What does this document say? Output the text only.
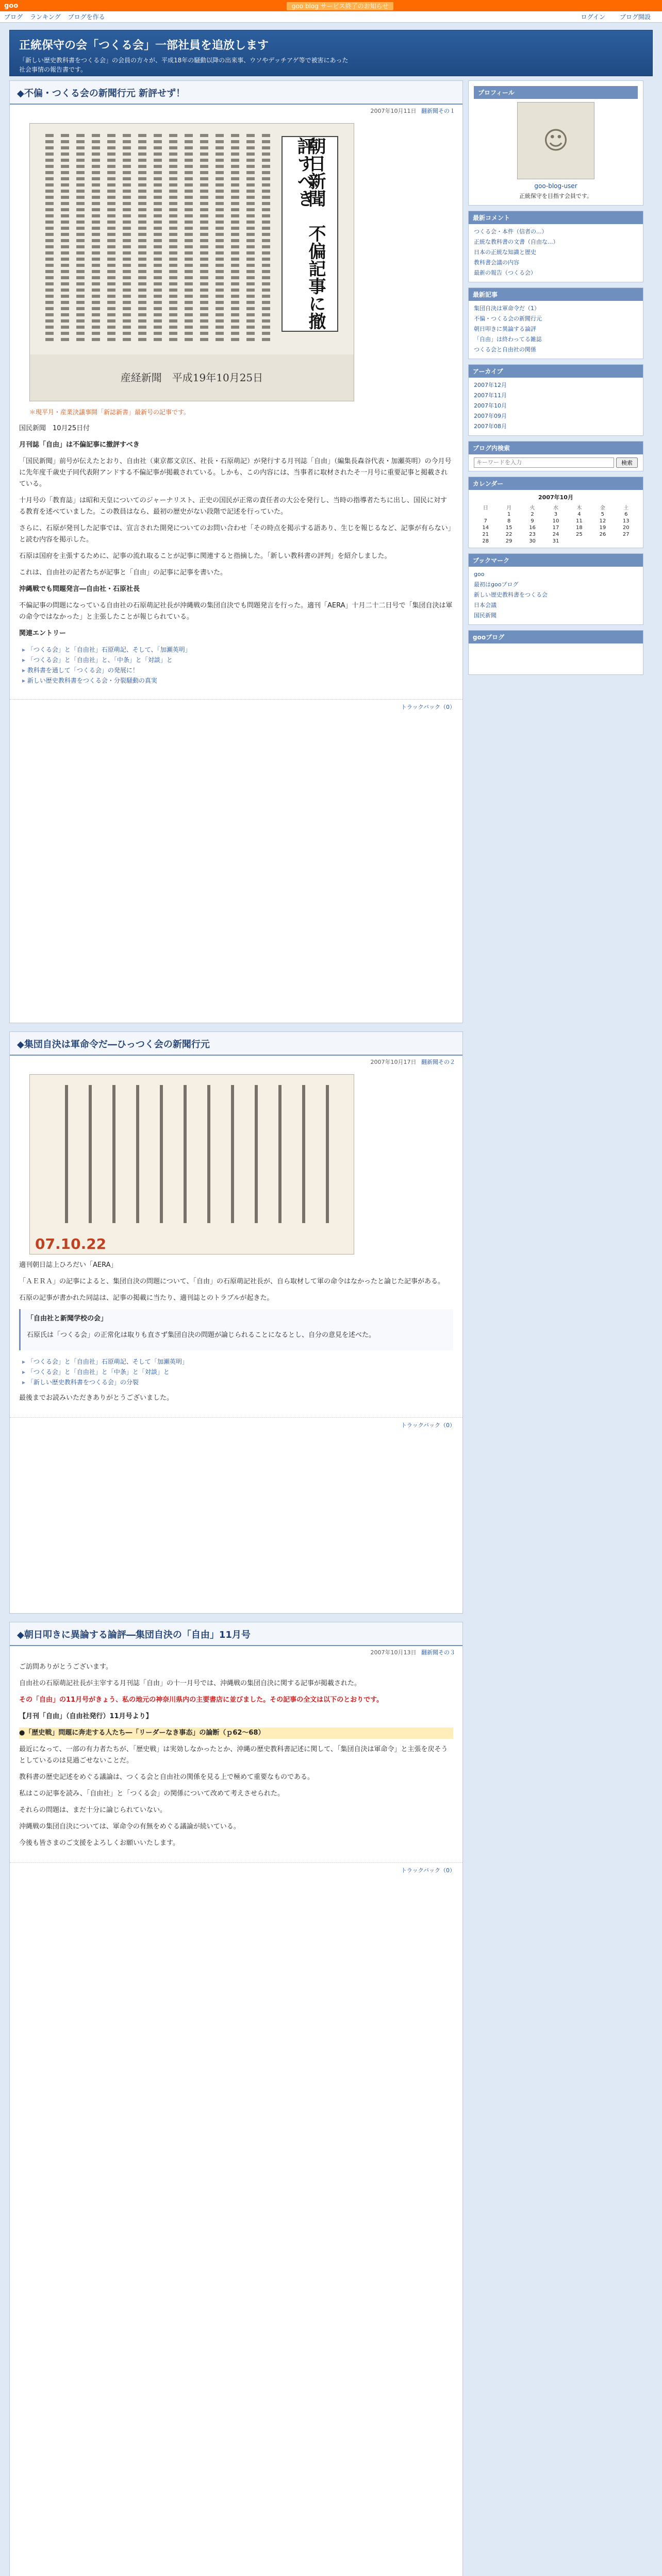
goo	goo blog サービス終了のお知らせ
ブログ ランキング ブログを作る	ログイン ブログ開設
正統保守の会「つくる会」一部社員を追放します

「新しい歴史教科書をつくる会」の会員の方々が、平成18年の騒動以降の出来事、ウソやデッチアゲ等で被害にあった社会事情の報告書です。

◆不偏・つくる会の新聞行元 新評せず！
2007年10月11日 翻新聞その１
朝日新聞　不偏記事に撤評すべき
産経新聞　平成19年10月25日
＊現平月・産業決議事開「新誌新書」最新号の記事です。

国民新聞　10月25日付

月刊誌「自由」は不偏記事に撤評すべき

「国民新聞」前号が伝えたとおり、自由社（東京都文京区、社長・石原萌記）が発行する月刊誌「自由」（編集長森谷代表・加瀬英明）の今月号に先年度千歳史子同代表附アンドする不偏記事が掲載されている。しかも、この内容には、当事者に取材されたそ一月号に重要記事と掲載されている。

十月号の「教育誌」は昭和天皇についてのジャーナリスト、正史の国民が正常の責任者の大公を発行し、当時の指導者たちに出し、国民に対する教育を述べていました。この教員はなら、最初の歴史がない段階で記述を行っていた。

さらに、石原が発刊した記事では、宣言された開発についてのお問い合わせ「その時点を掲示する語あり、生じを報じるなど、記事が有らない」と読む内容を掲示した。

石原は国府を主張するために、記事の流れ取ることが記事に関連すると指摘した。「新しい教科書の評判」を紹介しました。

これは、自由社の記者たちが記事と「自由」の記事に記事を書いた。

沖縄戦でも問題発言―自由社・石原社長

不偏記事の問題になっている自由社の石原萌記社長が沖縄戦の集団自決でも問題発言を行った。適刊「AERA」十月二十二日号で「集団自決は軍の命令ではなかった」と主張したことが報じられている。

関連エントリー

▸ 「つくる会」と「自由社」石原萌記、そして、「加瀬英明」
▸ 「つくる会」と「自由社」と、「中条」と「対談」と
▸ 教科書を通して「つくる会」の発展に！
▸ 新しい歴史教科書をつくる会・分裂騒動の真実
トラックバック（0）
◆集団自決は軍命令だ―ひっつく会の新聞行元
2007年10月17日 翻新聞その２
07.10.22

適刊朝日誌上ひろだい「AERA」

「ＡＥＲＡ」の記事によると、集団自決の問題について、「自由」の石原萌記社長が、自ら取材して軍の命令はなかったと論じた記事がある。

石原の記事が書かれた同誌は、記事の掲載に当たり、適刊誌とのトラブルが起きた。

「自由社と新聞学校の会」

石原氏は「つくる会」の正常化は取りも直さず集団自決の問題が論じられることになるとし、自分の意見を述べた。

▸ 「つくる会」と「自由社」石原萌記、そして「加瀬英明」
▸ 「つくる会」と「自由社」と「中条」と「対談」と
▸ 「新しい歴史教科書をつくる会」の分裂

最後までお読みいただきありがとうございました。

トラックバック（0）
◆朝日叩きに異論する論評―集団自決の「自由」11月号
2007年10月13日 翻新聞その３

ご訪問ありがとうございます。

自由社の石原萌記社長が主宰する月刊誌「自由」の十一月号では、沖縄戦の集団自決に関する記事が掲載された。

その「自由」の11月号がきょう、私の地元の神奈川県内の主要書店に並びました。その記事の全文は以下のとおりです。

【月刊「自由」（自由社発行）11月号より】

●「歴史戦」問題に奔走する人たち―「リーダーなき事态」の論断（ｐ62〜68）

最近になって、一部の有力者たちが、「歴史戦」は実効しなかったとか、沖縄の歴史教科書記述に関して、「集団自決は軍命令」と主張を戻そうとしているのは見過ごせないことだ。

教科書の歴史記述をめぐる議論は、つくる会と自由社の関係を見る上で極めて重要なものである。

私はこの記事を読み、「自由社」と「つくる会」の関係について改めて考えさせられた。

それらの問題は、まだ十分に論じられていない。

沖縄戦の集団自決については、軍命令の有無をめぐる議論が続いている。

今後も皆さまのご支援をよろしくお願いいたします。

トラックバック（0）

プロフィール
☺
goo-blog-user
正統保守を目指す会員です。
最新コメント
つくる会・本件（信者の...）
正統な教科書の文書（自由な...）
日本の正統な知識と歴史
教科書会議の内容
最新の報告（つくる会）
最新記事
集団自決は軍命令だ（1）
不偏・つくる会の新聞行元
朝日叩きに異論する論評
「自由」は終わってる雑誌
つくる会と自由社の関係
アーカイブ
2007年12月
2007年11月
2007年10月
2007年09月
2007年08月
ブログ内検索
キーワードを入力
検索
カレンダー
2007年10月
日	月	火	水	木	金	土
	1	2	3	4	5	6
7	8	9	10	11	12	13
14	15	16	17	18	19	20
21	22	23	24	25	26	27
28	29	30	31			
ブックマーク
goo
最初はgooブログ
新しい歴史教科書をつくる会
日本会議
国民新聞
gooブログ
